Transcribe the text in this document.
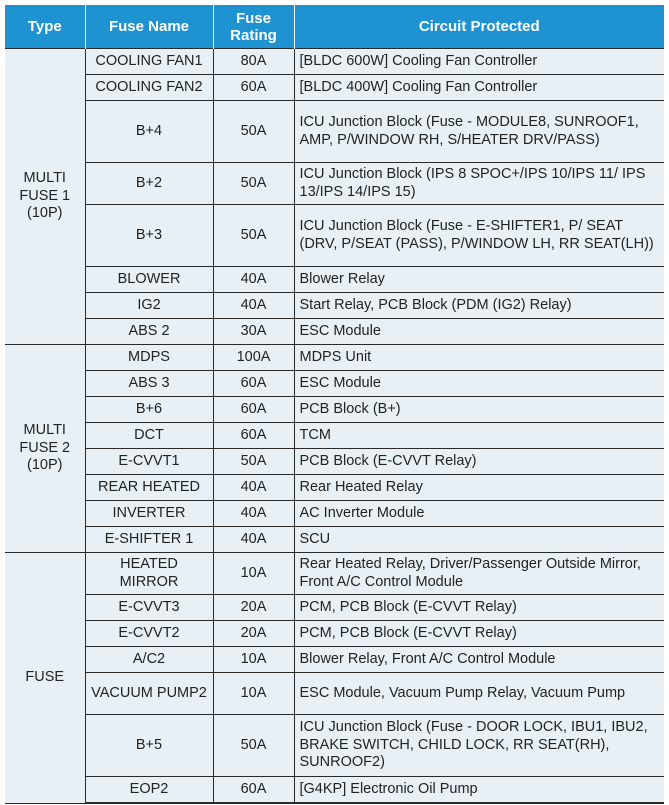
Type	Fuse Name	Fuse Rating	Circuit Protected
MULTI FUSE 1 (10P)	COOLING FAN1	80A	[BLDC 600W] Cooling Fan Controller
	COOLING FAN2	60A	[BLDC 400W] Cooling Fan Controller
	B+4	50A	ICU Junction Block (Fuse - MODULE8, SUNROOF1, AMP, P/WINDOW RH, S/HEATER DRV/PASS)
	B+2	50A	ICU Junction Block (IPS 8 SPOC+/IPS 10/IPS 11/ IPS 13/IPS 14/IPS 15)
	B+3	50A	ICU Junction Block (Fuse - E-SHIFTER1, P/ SEAT (DRV, P/SEAT (PASS), P/WINDOW LH, RR SEAT(LH))
	BLOWER	40A	Blower Relay
	IG2	40A	Start Relay, PCB Block (PDM (IG2) Relay)
	ABS 2	30A	ESC Module
MULTI FUSE 2 (10P)	MDPS	100A	MDPS Unit
	ABS 3	60A	ESC Module
	B+6	60A	PCB Block (B+)
	DCT	60A	TCM
	E-CVVT1	50A	PCB Block (E-CVVT Relay)
	REAR HEATED	40A	Rear Heated Relay
	INVERTER	40A	AC Inverter Module
	E-SHIFTER 1	40A	SCU
FUSE	HEATED MIRROR	10A	Rear Heated Relay, Driver/Passenger Outside Mirror, Front A/C Control Module
	E-CVVT3	20A	PCM, PCB Block (E-CVVT Relay)
	E-CVVT2	20A	PCM, PCB Block (E-CVVT Relay)
	A/C2	10A	Blower Relay, Front A/C Control Module
	VACUUM PUMP2	10A	ESC Module, Vacuum Pump Relay, Vacuum Pump
	B+5	50A	ICU Junction Block (Fuse - DOOR LOCK, IBU1, IBU2, BRAKE SWITCH, CHILD LOCK, RR SEAT(RH), SUNROOF2)
	EOP2	60A	[G4KP] Electronic Oil Pump
